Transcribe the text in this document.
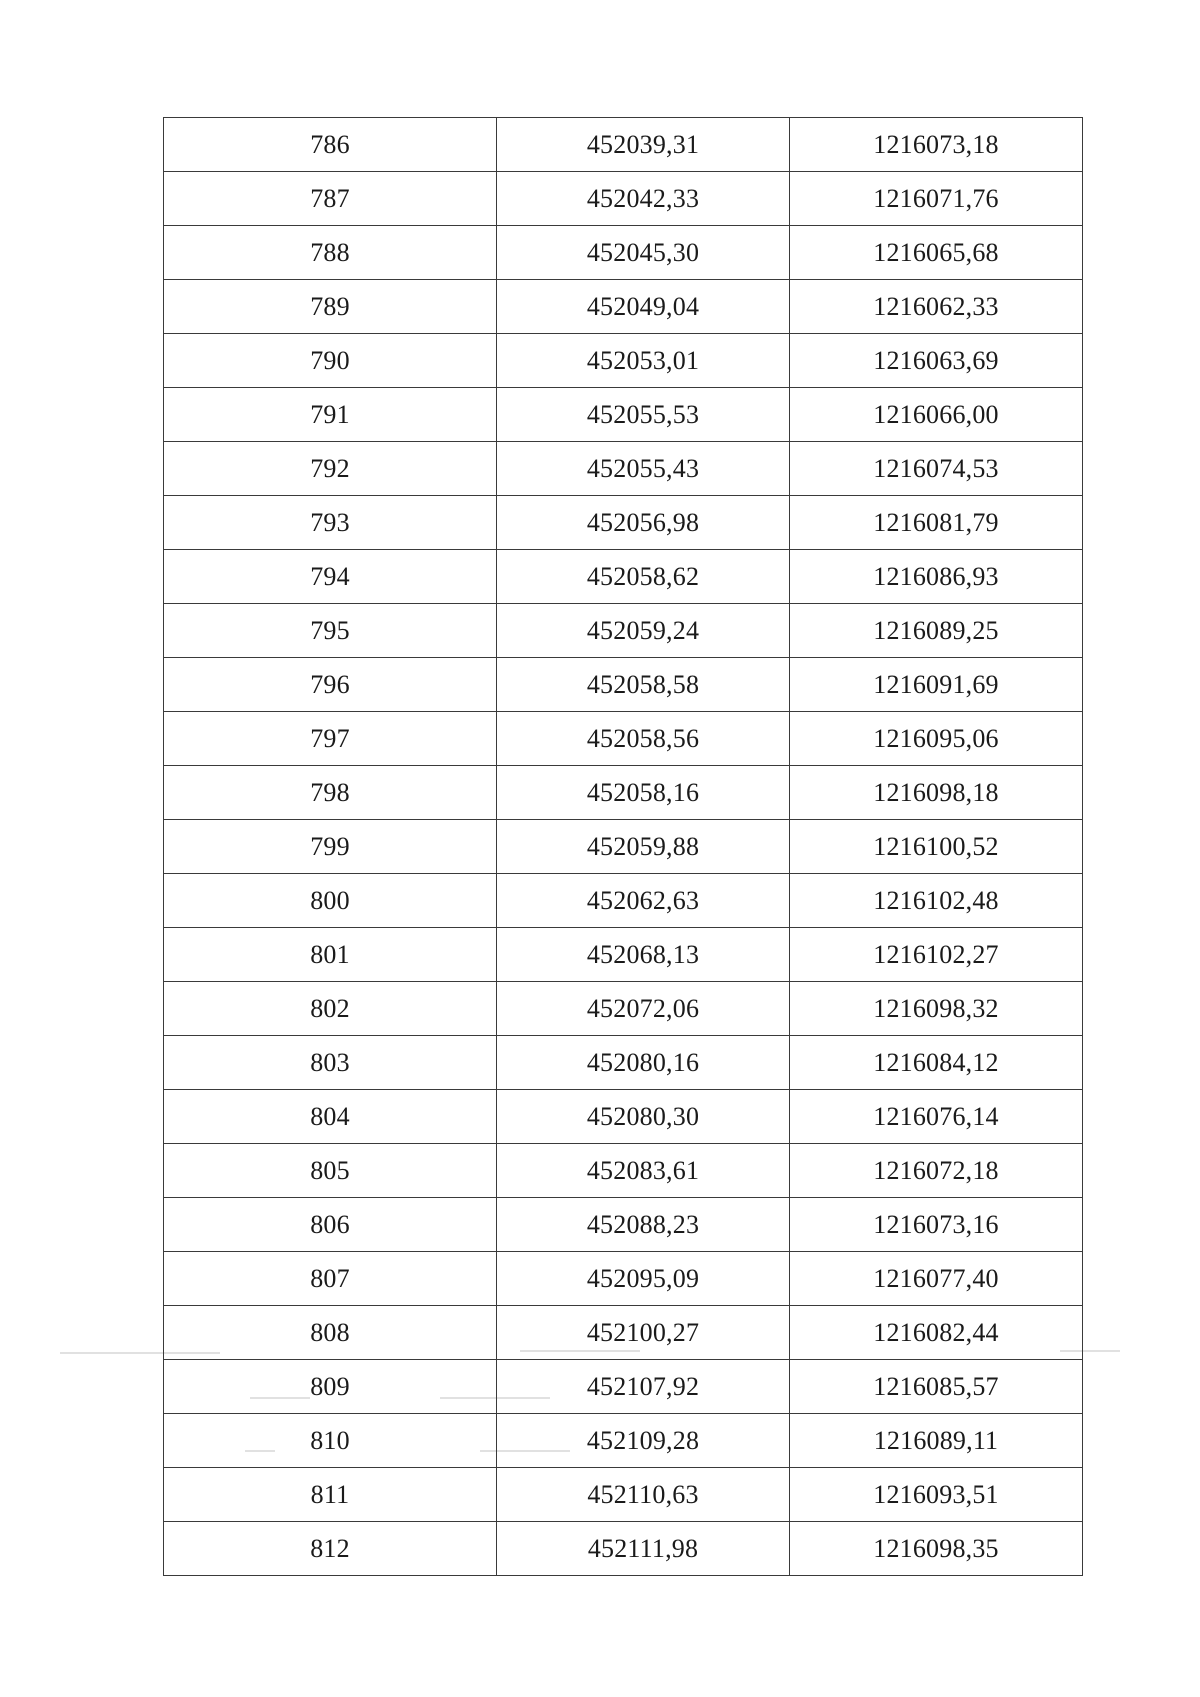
786	452039,31	1216073,18
787	452042,33	1216071,76
788	452045,30	1216065,68
789	452049,04	1216062,33
790	452053,01	1216063,69
791	452055,53	1216066,00
792	452055,43	1216074,53
793	452056,98	1216081,79
794	452058,62	1216086,93
795	452059,24	1216089,25
796	452058,58	1216091,69
797	452058,56	1216095,06
798	452058,16	1216098,18
799	452059,88	1216100,52
800	452062,63	1216102,48
801	452068,13	1216102,27
802	452072,06	1216098,32
803	452080,16	1216084,12
804	452080,30	1216076,14
805	452083,61	1216072,18
806	452088,23	1216073,16
807	452095,09	1216077,40
808	452100,27	1216082,44
809	452107,92	1216085,57
810	452109,28	1216089,11
811	452110,63	1216093,51
812	452111,98	1216098,35
